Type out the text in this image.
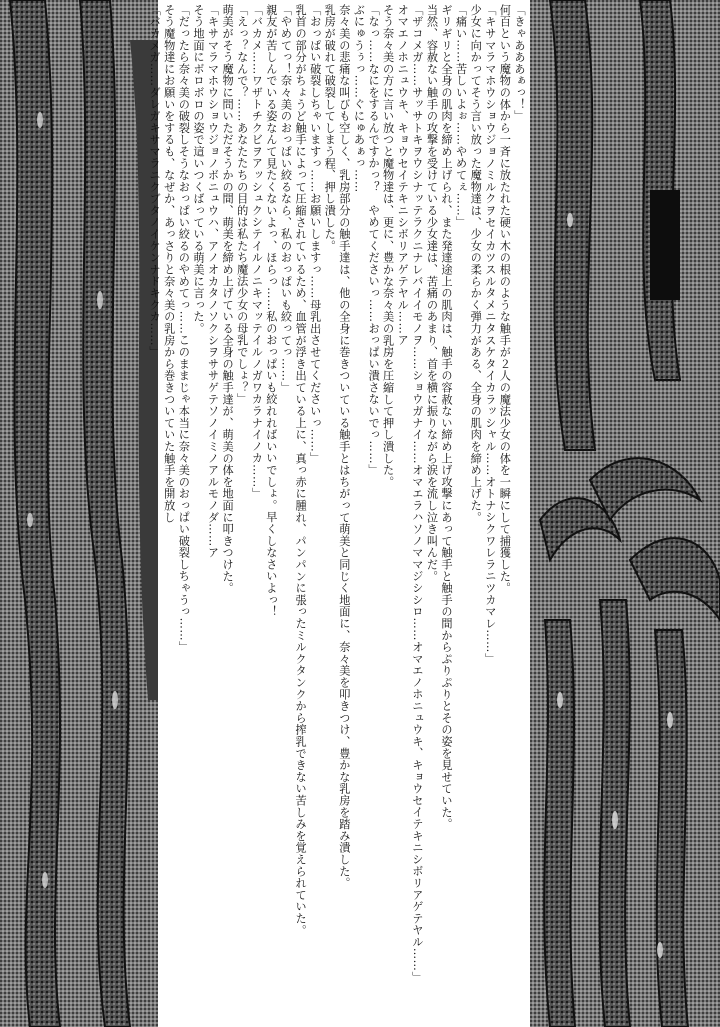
「きゃあああぁっ！」

何百という魔物の体から一斉に放たれた硬い木の根のような触手が２人の魔法少女の体を一瞬にして捕獲した。

「キサマラマホウショウジョノミルクヲセイカツスルタメニタスケタイカラッシャル……オトナシクワレラニツカマレ……」

少女に向かってそう言い放った魔物達は、少女の柔らかく弾力がある、全身の肌肉を締め上げた。

「痛い……苦しいよぉ……やめてぇ……」

ギリギリと全身の肌肉を締め上げられ、また発達途上の肌肉は、触手の容赦ない締め上げ攻撃にあって触手と触手の間からぷりぷりとその姿を見せていた。

当然、容赦ない触手の攻撃を受けている少女達は、苦痛のあまり、首を横に振りながら涙を流し泣き叫んだ。

「ザコメガ……サッサトキヲウシナッテラクニナレバイイモノヲ……ショウガナイ……オマエラハソノママジシシロ……オマエノホニュウキ、キョウセイテキニシボリアゲテヤル……」

オマエノホニュウキ、キョウセイテキニシボリアゲテヤル……ア

そう奈々美の方に言い放つと魔物達は、更に、豊かな奈々美の乳房を圧縮して押し潰した。

「なっ……なにをするんですかっ？　やめてくださいっ……おっぱい潰さないでっ……」

ぶにゅうぅっ……ぐにゅあぁっ……

奈々美の悲痛な叫びも空しく、乳房部分の触手達は、他の全身に巻きついている触手とはちがって萌美と同じく地面に、奈々美を叩きつけ、豊かな乳房を踏み潰した。

乳房が破れて破裂してしまう程、押し潰した。

「おっぱい破裂しちゃいますっ……お願いしますっ……母乳出させてくださいっ……」

乳首の部分がちょうど触手によって圧縮されているため、血管が浮き出ている上に、真っ赤に腫れ、パンパンに張ったミルクタンクから搾乳できない苦しみを覚えられていた。

「やめてっ！奈々美のおっぱい絞るなら、私のおっぱいも絞ってっ……」

親友が苦しんでいる姿なんて見たくないよっ、ほらっ……私のおっぱいも絞れればいいでしょ。早くしなさいよっ！

「バカメ……ワザトチクビヲアッシュクシテイルノニキマッテイルノガワカラナイノカ……」

「えっ？なんで？……あなたたちの目的は私たち魔法少女の母乳でしょ？」

萌美がそう魔物に問いただそうかの間、萌美を締め上げている全身の触手達が、萌美の体を地面に叩きつけた。

「キサマラマホウショウジョノボニュウハ、アノオカタノソクシヲササゲテソノイミノアルモノダ……ア

そう地面にボロボロの姿で這いつくばっている萌美に言った。

「だったら奈々美の破裂しそうなおっぱい絞るのやめてっ……このままじゃ本当に奈々美のおっぱい破裂しちゃうっ……」

そう魔物達にお願いをするも、なぜか、あっさりと奈々美の乳房から巻きついていた触手を開放し

「バカメガ……ダレガキサマラニクブタノイケンナドキクカ……」
